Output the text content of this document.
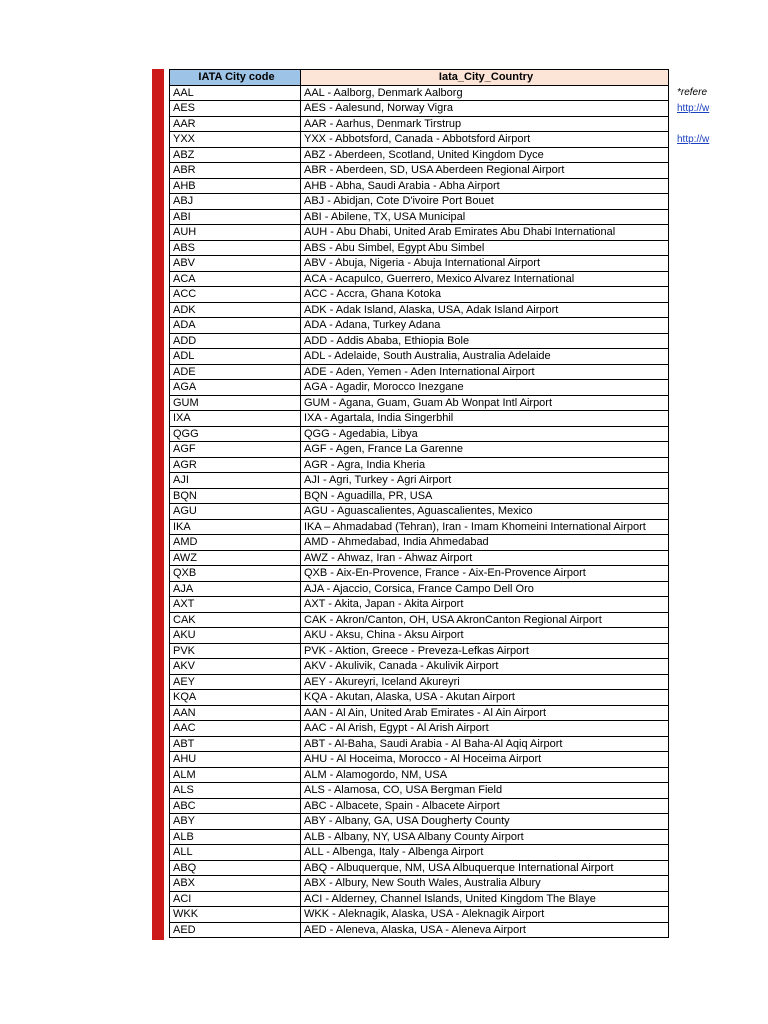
IATA City code	Iata_City_Country
AAL	AAL - Aalborg, Denmark Aalborg
AES	AES - Aalesund, Norway Vigra
AAR	AAR - Aarhus, Denmark Tirstrup
YXX	YXX - Abbotsford, Canada - Abbotsford Airport
ABZ	ABZ - Aberdeen, Scotland, United Kingdom Dyce
ABR	ABR - Aberdeen, SD, USA Aberdeen Regional Airport
AHB	AHB - Abha, Saudi Arabia - Abha Airport
ABJ	ABJ - Abidjan, Cote D'ivoire Port Bouet
ABI	ABI - Abilene, TX, USA Municipal
AUH	AUH - Abu Dhabi, United Arab Emirates Abu Dhabi International
ABS	ABS - Abu Simbel, Egypt Abu Simbel
ABV	ABV - Abuja, Nigeria - Abuja International Airport
ACA	ACA - Acapulco, Guerrero, Mexico Alvarez International
ACC	ACC - Accra, Ghana Kotoka
ADK	ADK - Adak Island, Alaska, USA, Adak Island Airport
ADA	ADA - Adana, Turkey Adana
ADD	ADD - Addis Ababa, Ethiopia Bole
ADL	ADL - Adelaide, South Australia, Australia Adelaide
ADE	ADE - Aden, Yemen - Aden International Airport
AGA	AGA - Agadir, Morocco Inezgane
GUM	GUM - Agana, Guam, Guam Ab Wonpat Intl Airport
IXA	IXA - Agartala, India Singerbhil
QGG	QGG - Agedabia, Libya
AGF	AGF - Agen, France La Garenne
AGR	AGR - Agra, India Kheria
AJI	AJI - Agri, Turkey - Agri Airport
BQN	BQN - Aguadilla, PR, USA
AGU	AGU - Aguascalientes, Aguascalientes, Mexico
IKA	IKA – Ahmadabad (Tehran), Iran - Imam Khomeini International Airport
AMD	AMD - Ahmedabad, India Ahmedabad
AWZ	AWZ - Ahwaz, Iran - Ahwaz Airport
QXB	QXB - Aix-En-Provence, France - Aix-En-Provence Airport
AJA	AJA - Ajaccio, Corsica, France Campo Dell Oro
AXT	AXT - Akita, Japan - Akita Airport
CAK	CAK - Akron/Canton, OH, USA AkronCanton Regional Airport
AKU	AKU - Aksu, China - Aksu Airport
PVK	PVK - Aktion, Greece - Preveza-Lefkas Airport
AKV	AKV - Akulivik, Canada - Akulivik Airport
AEY	AEY - Akureyri, Iceland Akureyri
KQA	KQA - Akutan, Alaska, USA - Akutan Airport
AAN	AAN - Al Ain, United Arab Emirates - Al Ain Airport
AAC	AAC - Al Arish, Egypt - Al Arish Airport
ABT	ABT - Al-Baha, Saudi Arabia - Al Baha-Al Aqiq Airport
AHU	AHU - Al Hoceima, Morocco - Al Hoceima Airport
ALM	ALM - Alamogordo, NM, USA
ALS	ALS - Alamosa, CO, USA Bergman Field
ABC	ABC - Albacete, Spain - Albacete Airport
ABY	ABY - Albany, GA, USA Dougherty County
ALB	ALB - Albany, NY, USA Albany County Airport
ALL	ALL - Albenga, Italy - Albenga Airport
ABQ	ABQ - Albuquerque, NM, USA Albuquerque International Airport
ABX	ABX - Albury, New South Wales, Australia Albury
ACI	ACI - Alderney, Channel Islands, United Kingdom The Blaye
WKK	WKK - Aleknagik, Alaska, USA - Aleknagik Airport
AED	AED - Aleneva, Alaska, USA - Aleneva Airport
*refere
http://w
http://w
